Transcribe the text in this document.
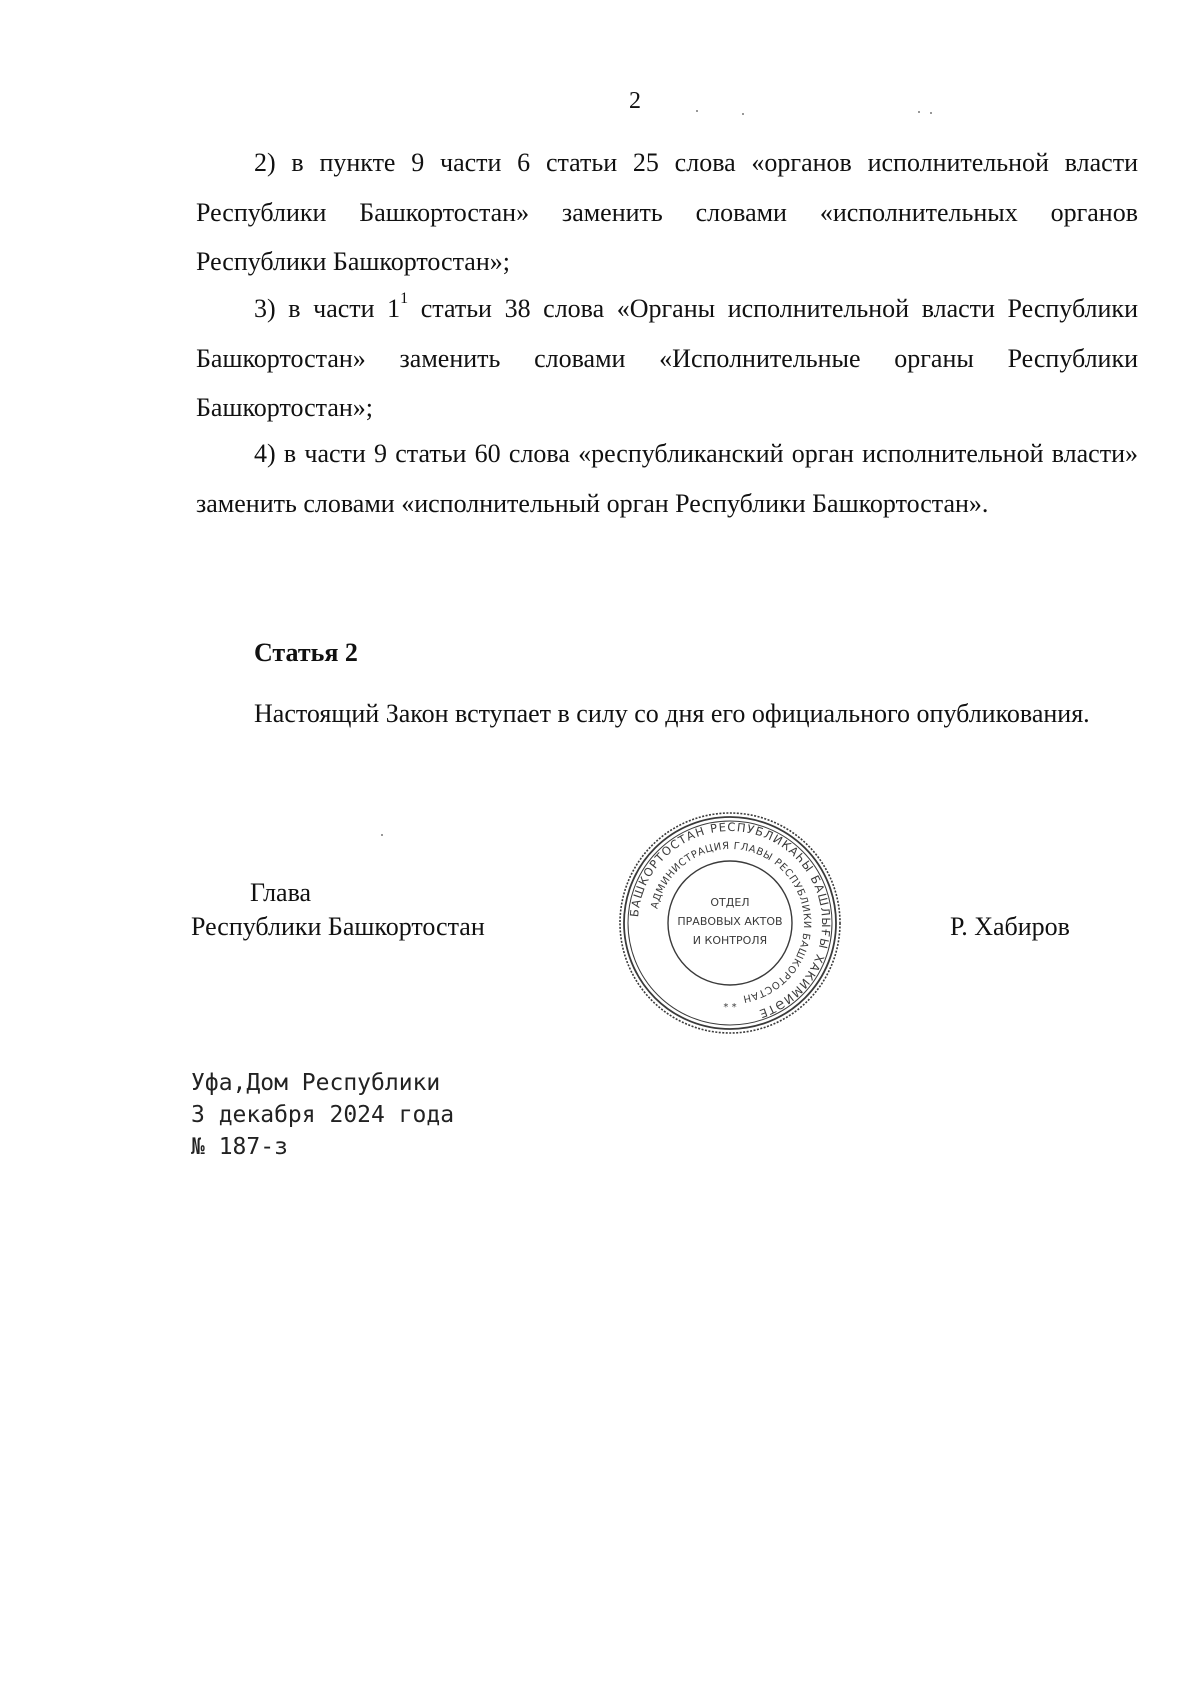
2

2) в пункте 9 части 6 статьи 25 слова «органов исполнительной власти Республики Башкортостан» заменить словами «исполнительных органов Республики Башкортостан»;

3) в части $1^1$ статьи 38 слова «Органы исполнительной власти Республики Башкортостан» заменить словами «Исполнительные органы Республики Башкортостан»;

4) в части 9 статьи 60 слова «республиканский орган исполнительной власти» заменить словами «исполнительный орган Республики Башкортостан».

Статья 2

Настоящий Закон вступает в силу со дня его официального опубликования.

Глава
Республики Башкортостан	Р. Хабиров
БАШКОРТОСТАН РЕСПУБЛИКАҺЫ БАШЛЫҒЫ ХАКИМИӘТЕ
АДМИНИСТРАЦИЯ ГЛАВЫ РЕСПУБЛИКИ БАШКОРТОСТАН
ОТДЕЛ
ПРАВОВЫХ АКТОВ
И КОНТРОЛЯ
* *
Уфа,Дом Республики
3 декабря 2024 года
№ 187-з
